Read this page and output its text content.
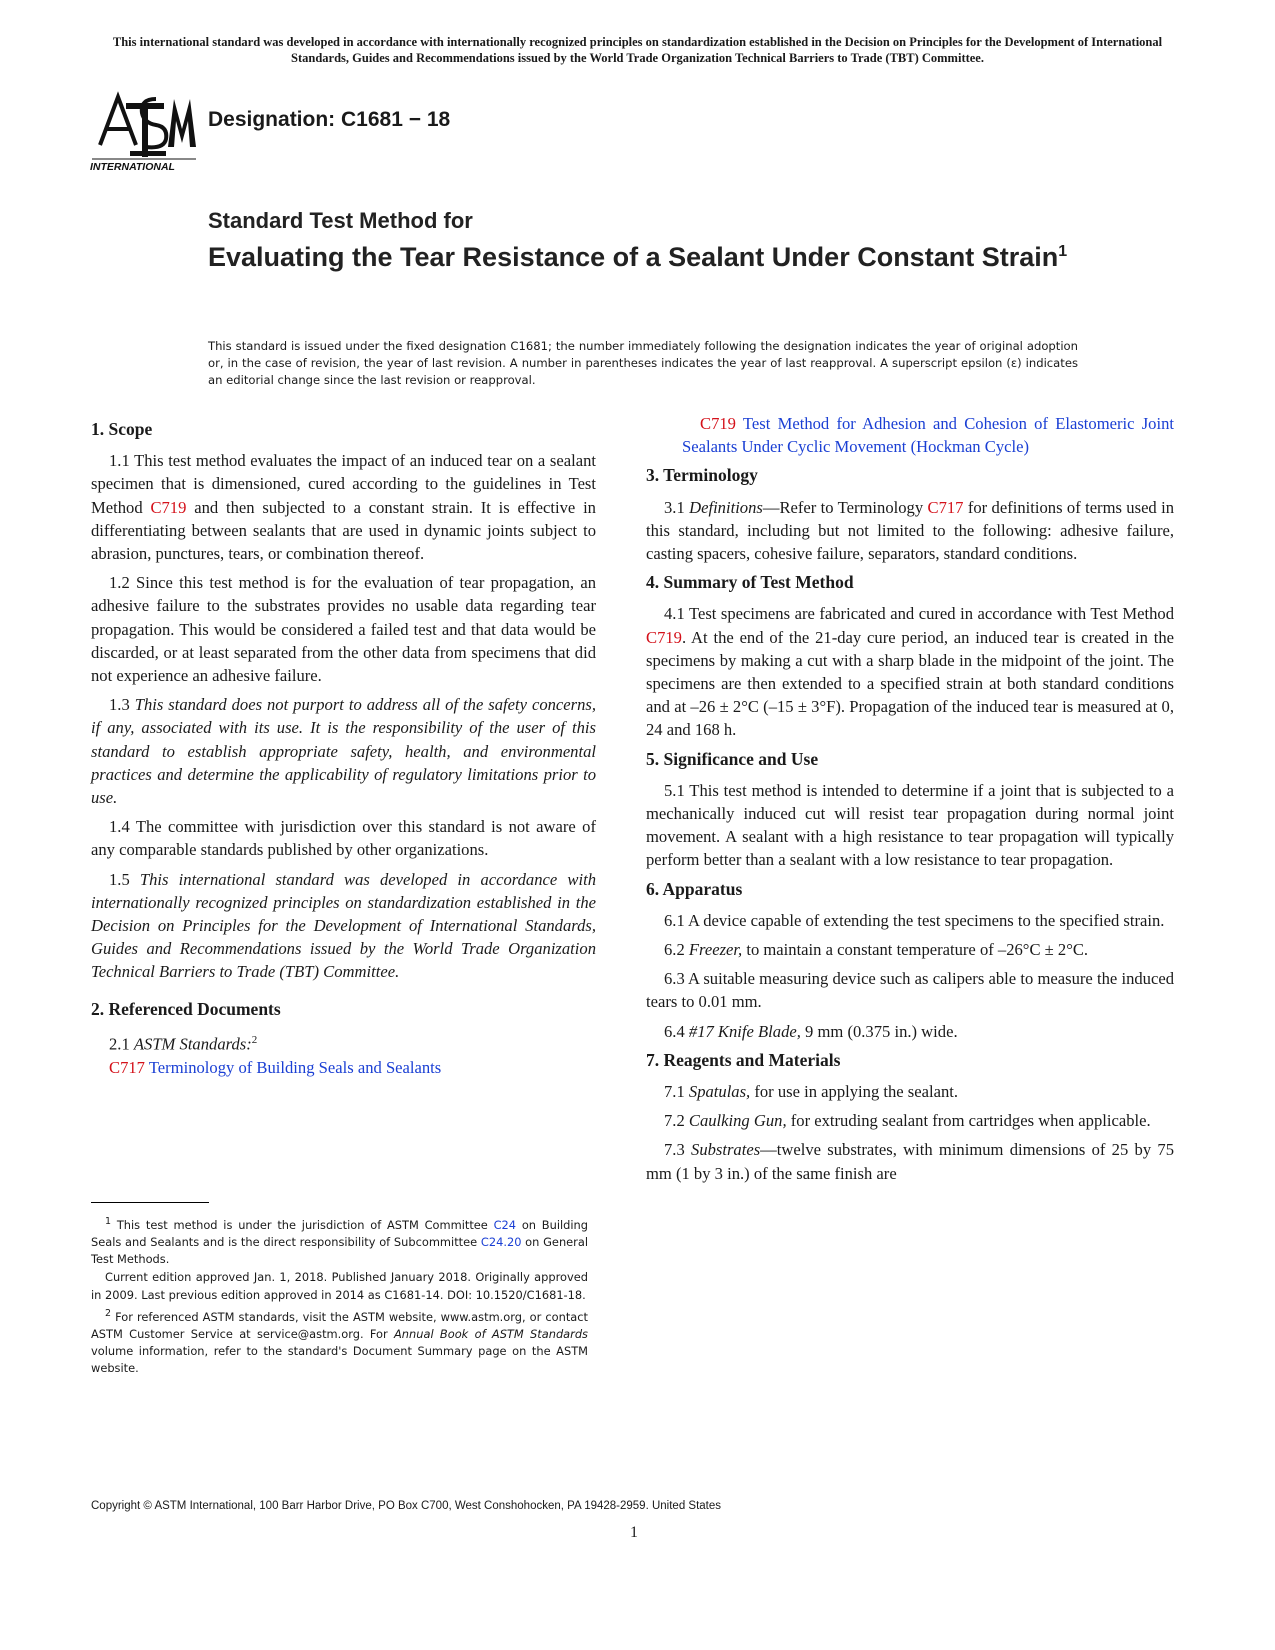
This international standard was developed in accordance with internationally recognized principles on standardization established in the Decision on Principles for the Development of International Standards, Guides and Recommendations issued by the World Trade Organization Technical Barriers to Trade (TBT) Committee.
INTERNATIONAL
Designation: C1681 − 18
Standard Test Method for
Evaluating the Tear Resistance of a Sealant Under Constant Strain$^1$
This standard is issued under the fixed designation C1681; the number immediately following the designation indicates the year of original adoption or, in the case of revision, the year of last revision. A number in parentheses indicates the year of last reapproval. A superscript epsilon (ε) indicates an editorial change since the last revision or reapproval.
1. Scope

1.1 This test method evaluates the impact of an induced tear on a sealant specimen that is dimensioned, cured according to the guidelines in Test Method C719 and then subjected to a constant strain. It is effective in differentiating between sealants that are used in dynamic joints subject to abrasion, punctures, tears, or combination thereof.

1.2 Since this test method is for the evaluation of tear propagation, an adhesive failure to the substrates provides no usable data regarding tear propagation. This would be considered a failed test and that data would be discarded, or at least separated from the other data from specimens that did not experience an adhesive failure.

1.3 This standard does not purport to address all of the safety concerns, if any, associated with its use. It is the responsibility of the user of this standard to establish appropriate safety, health, and environmental practices and determine the applicability of regulatory limitations prior to use.

1.4 The committee with jurisdiction over this standard is not aware of any comparable standards published by other organizations.

1.5 This international standard was developed in accordance with internationally recognized principles on standardization established in the Decision on Principles for the Development of International Standards, Guides and Recommendations issued by the World Trade Organization Technical Barriers to Trade (TBT) Committee.

2. Referenced Documents

2.1 ASTM Standards:$^2$

C717 Terminology of Building Seals and Sealants

C719 Test Method for Adhesion and Cohesion of Elastomeric Joint Sealants Under Cyclic Movement (Hockman Cycle)

3. Terminology

3.1 Definitions—Refer to Terminology C717 for definitions of terms used in this standard, including but not limited to the following: adhesive failure, casting spacers, cohesive failure, separators, standard conditions.

4. Summary of Test Method

4.1 Test specimens are fabricated and cured in accordance with Test Method C719. At the end of the 21-day cure period, an induced tear is created in the specimens by making a cut with a sharp blade in the midpoint of the joint. The specimens are then extended to a specified strain at both standard conditions and at –26 ± 2°C (–15 ± 3°F). Propagation of the induced tear is measured at 0, 24 and 168 h.

5. Significance and Use

5.1 This test method is intended to determine if a joint that is subjected to a mechanically induced cut will resist tear propagation during normal joint movement. A sealant with a high resistance to tear propagation will typically perform better than a sealant with a low resistance to tear propagation.

6. Apparatus

6.1 A device capable of extending the test specimens to the specified strain.

6.2 Freezer, to maintain a constant temperature of –26°C ± 2°C.

6.3 A suitable measuring device such as calipers able to measure the induced tears to 0.01 mm.

6.4 #17 Knife Blade, 9 mm (0.375 in.) wide.

7. Reagents and Materials

7.1 Spatulas, for use in applying the sealant.

7.2 Caulking Gun, for extruding sealant from cartridges when applicable.

7.3 Substrates—twelve substrates, with minimum dimensions of 25 by 75 mm (1 by 3 in.) of the same finish are

$^1$ This test method is under the jurisdiction of ASTM Committee C24 on Building Seals and Sealants and is the direct responsibility of Subcommittee C24.20 on General Test Methods.

Current edition approved Jan. 1, 2018. Published January 2018. Originally approved in 2009. Last previous edition approved in 2014 as C1681-14. DOI: 10.1520/C1681-18.

$^2$ For referenced ASTM standards, visit the ASTM website, www.astm.org, or contact ASTM Customer Service at service@astm.org. For Annual Book of ASTM Standards volume information, refer to the standard's Document Summary page on the ASTM website.

Copyright © ASTM International, 100 Barr Harbor Drive, PO Box C700, West Conshohocken, PA 19428-2959. United States
1
